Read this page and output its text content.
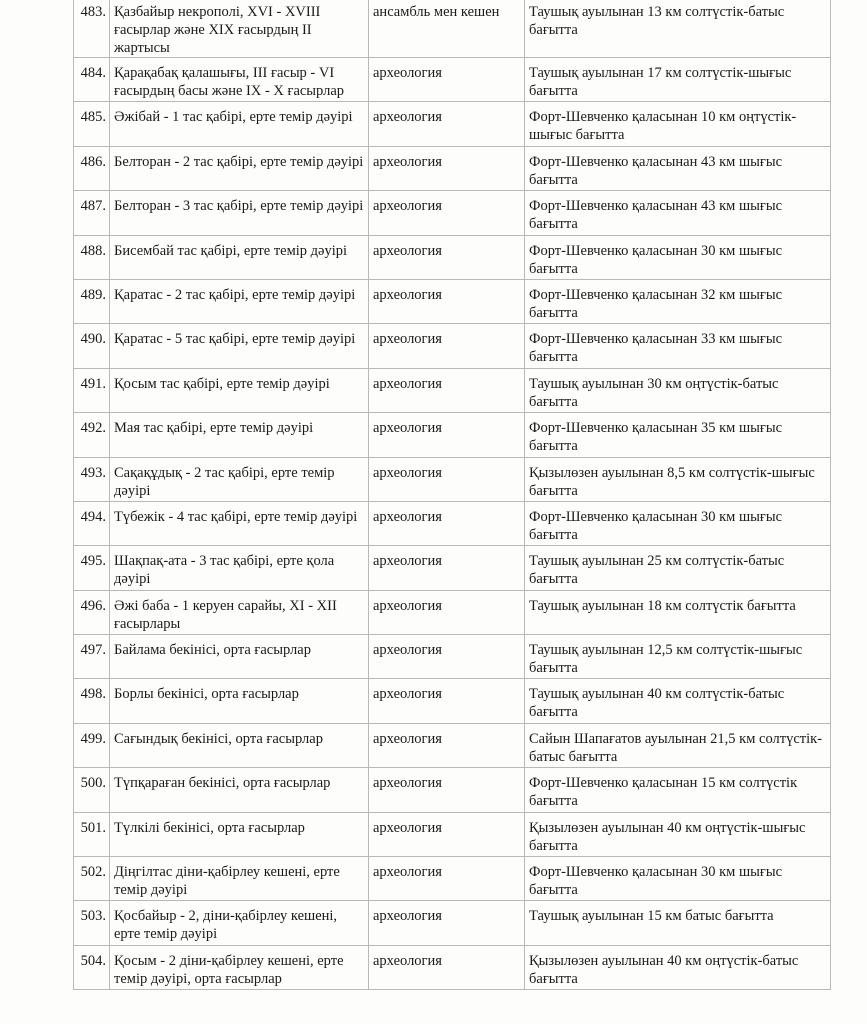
483.	Қазбайыр некрополі, XVI - XVIII ғасырлар және XIX ғасырдың II жартысы	ансамбль мен кешен	Таушық ауылынан 13 км солтүстік-батыс бағытта
484.	Қарақабақ қалашығы, III ғасыр - VI ғасырдың басы және IX - X ғасырлар	археология	Таушық ауылынан 17 км солтүстік-шығыс бағытта
485.	Әжібай - 1 тас қабірі, ерте темір дәуірі	археология	Форт-Шевченко қаласынан 10 км оңтүстік-шығыс бағытта
486.	Белторан - 2 тас қабірі, ерте темір дәуірі	археология	Форт-Шевченко қаласынан 43 км шығыс бағытта
487.	Белторан - 3 тас қабірі, ерте темір дәуірі	археология	Форт-Шевченко қаласынан 43 км шығыс бағытта
488.	Бисембай тас қабірі, ерте темір дәуірі	археология	Форт-Шевченко қаласынан 30 км шығыс бағытта
489.	Қаратас - 2 тас қабірі, ерте темір дәуірі	археология	Форт-Шевченко қаласынан 32 км шығыс бағытта
490.	Қаратас - 5 тас қабірі, ерте темір дәуірі	археология	Форт-Шевченко қаласынан 33 км шығыс бағытта
491.	Қосым тас қабірі, ерте темір дәуірі	археология	Таушық ауылынан 30 км оңтүстік-батыс бағытта
492.	Мая тас қабірі, ерте темір дәуірі	археология	Форт-Шевченко қаласынан 35 км шығыс бағытта
493.	Сақақұдық - 2 тас қабірі, ерте темір дәуірі	археология	Қызылөзен ауылынан 8,5 км солтүстік-шығыс бағытта
494.	Түбежік - 4 тас қабірі, ерте темір дәуірі	археология	Форт-Шевченко қаласынан 30 км шығыс бағытта
495.	Шақпақ-ата - 3 тас қабірі, ерте қола дәуірі	археология	Таушық ауылынан 25 км солтүстік-батыс бағытта
496.	Әжі баба - 1 керуен сарайы, XI - XII ғасырлары	археология	Таушық ауылынан 18 км солтүстік бағытта
497.	Байлама бекінісі, орта ғасырлар	археология	Таушық ауылынан 12,5 км солтүстік-шығыс бағытта
498.	Борлы бекінісі, орта ғасырлар	археология	Таушық ауылынан 40 км солтүстік-батыс бағытта
499.	Сағындық бекінісі, орта ғасырлар	археология	Сайын Шапағатов ауылынан 21,5 км солтүстік-батыс бағытта
500.	Түпқараған бекінісі, орта ғасырлар	археология	Форт-Шевченко қаласынан 15 км солтүстік бағытта
501.	Түлкілі бекінісі, орта ғасырлар	археология	Қызылөзен ауылынан 40 км оңтүстік-шығыс бағытта
502.	Діңгілтас діни-қабірлеу кешені, ерте темір дәуірі	археология	Форт-Шевченко қаласынан 30 км шығыс бағытта
503.	Қосбайыр - 2, діни-қабірлеу кешені, ерте темір дәуірі	археология	Таушық ауылынан 15 км батыс бағытта
504.	Қосым - 2 діни-қабірлеу кешені, ерте темір дәуірі, орта ғасырлар	археология	Қызылөзен ауылынан 40 км оңтүстік-батыс бағытта
